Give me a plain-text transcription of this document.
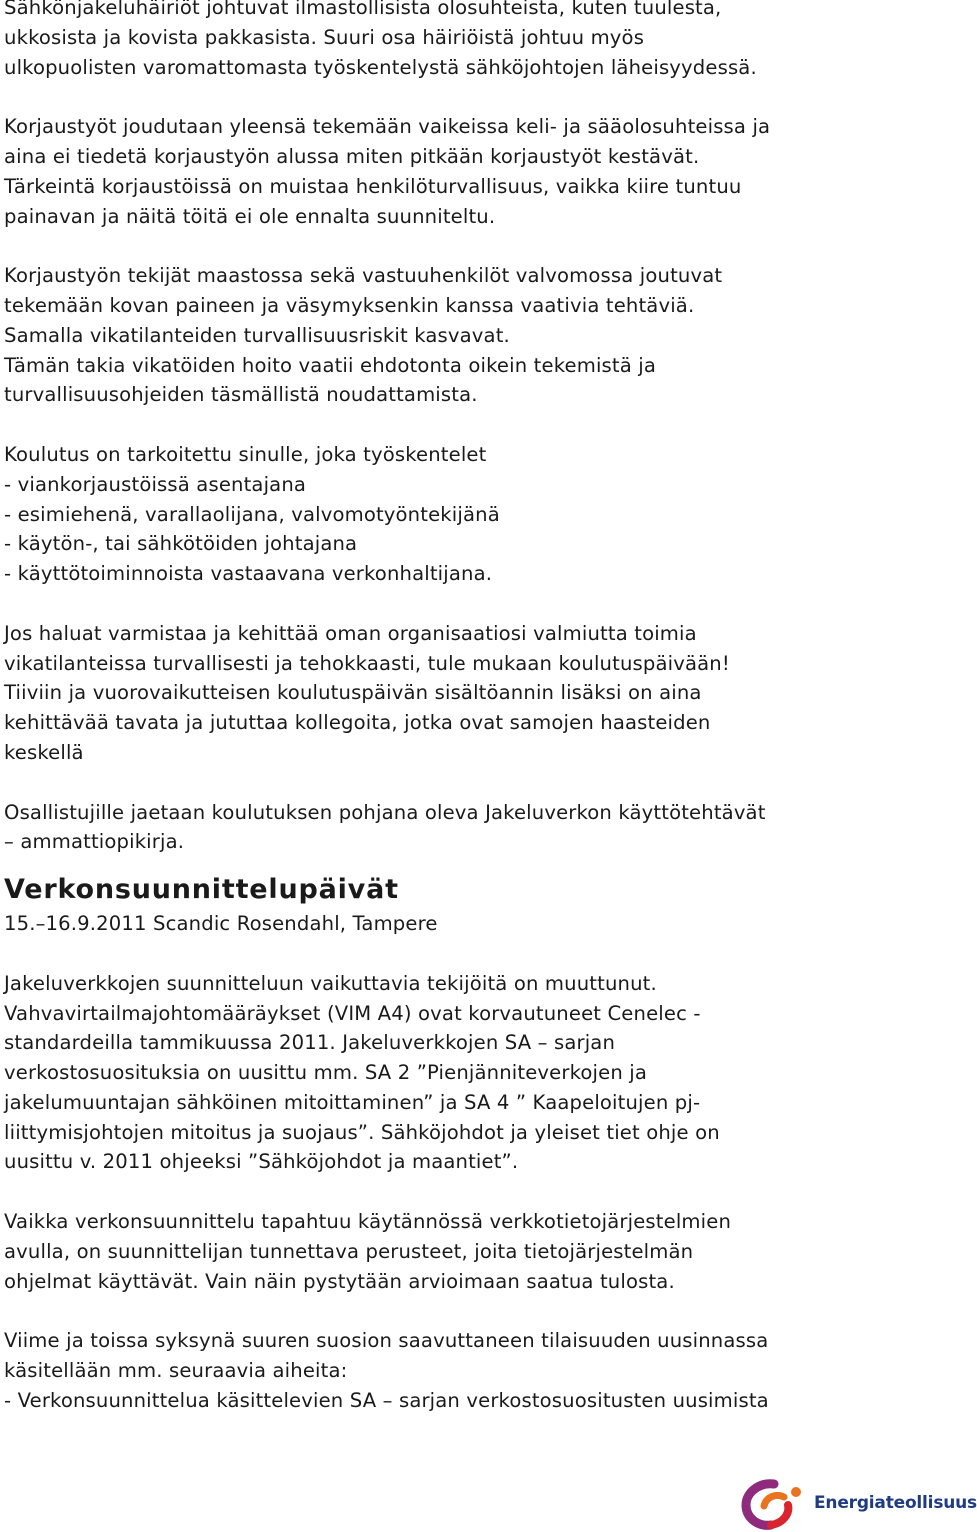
Sähkönjakeluhäiriöt johtuvat ilmastollisista olosuhteista, kuten tuulesta,
ukkosista ja kovista pakkasista. Suuri osa häiriöistä johtuu myös
ulkopuolisten varomattomasta työskentelystä sähköjohtojen läheisyydessä.
Korjaustyöt joudutaan yleensä tekemään vaikeissa keli- ja sääolosuhteissa ja
aina ei tiedetä korjaustyön alussa miten pitkään korjaustyöt kestävät.
Tärkeintä korjaustöissä on muistaa henkilöturvallisuus, vaikka kiire tuntuu
painavan ja näitä töitä ei ole ennalta suunniteltu.
Korjaustyön tekijät maastossa sekä vastuuhenkilöt valvomossa joutuvat
tekemään kovan paineen ja väsymyksenkin kanssa vaativia tehtäviä.
Samalla vikatilanteiden turvallisuusriskit kasvavat.
Tämän takia vikatöiden hoito vaatii ehdotonta oikein tekemistä ja
turvallisuusohjeiden täsmällistä noudattamista.
Koulutus on tarkoitettu sinulle, joka työskentelet
- viankorjaustöissä asentajana
- esimiehenä, varallaolijana, valvomotyöntekijänä
- käytön-, tai sähkötöiden johtajana
- käyttötoiminnoista vastaavana verkonhaltijana.
Jos haluat varmistaa ja kehittää oman organisaatiosi valmiutta toimia
vikatilanteissa turvallisesti ja tehokkaasti, tule mukaan koulutuspäivään!
Tiiviin ja vuorovaikutteisen koulutuspäivän sisältöannin lisäksi on aina
kehittävää tavata ja jututtaa kollegoita, jotka ovat samojen haasteiden
keskellä
Osallistujille jaetaan koulutuksen pohjana oleva Jakeluverkon käyttötehtävät
– ammattiopikirja.
Verkonsuunnittelupäivät
15.–16.9.2011 Scandic Rosendahl, Tampere
Jakeluverkkojen suunnitteluun vaikuttavia tekijöitä on muuttunut.
Vahvavirtailmajohtomääräykset (VIM A4) ovat korvautuneet Cenelec -
standardeilla tammikuussa 2011. Jakeluverkkojen SA – sarjan
verkostosuosituksia on uusittu mm. SA 2 ”Pienjänniteverkojen ja
jakelumuuntajan sähköinen mitoittaminen” ja SA 4 ” Kaapeloitujen pj-
liittymisjohtojen mitoitus ja suojaus”. Sähköjohdot ja yleiset tiet ohje on
uusittu v. 2011 ohjeeksi ”Sähköjohdot ja maantiet”.
Vaikka verkonsuunnittelu tapahtuu käytännössä verkkotietojärjestelmien
avulla, on suunnittelijan tunnettava perusteet, joita tietojärjestelmän
ohjelmat käyttävät. Vain näin pystytään arvioimaan saatua tulosta.
Viime ja toissa syksynä suuren suosion saavuttaneen tilaisuuden uusinnassa
käsitellään mm. seuraavia aiheita:
- Verkonsuunnittelua käsittelevien SA – sarjan verkostosuositusten uusimista
Energiateollisuus
